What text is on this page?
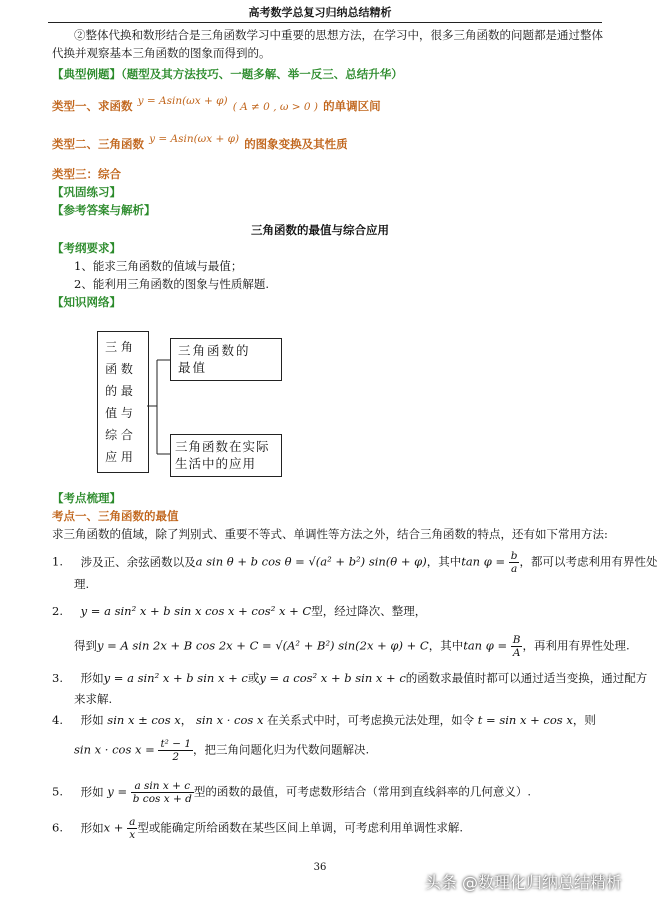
高考数学总复习归纳总结精析
②整体代换和数形结合是三角函数学习中重要的思想方法，在学习中，很多三角函数的问题都是通过整体
代换并观察基本三角函数的图象而得到的。
【典型例题】（题型及其方法技巧、一题多解、举一反三、总结升华）
类型一、求函数 $^{y = Asin(\omega x + \varphi)}$ ( A ≠ 0 , ω > 0 ) 的单调区间
类型二、三角函数 $^{y = Asin(\omega x + \varphi)}$ 的图象变换及其性质
类型三：综合
【巩固练习】
【参考答案与解析】
三角函数的最值与综合应用
【考纲要求】
1、能求三角函数的值域与最值；
2、能利用三角函数的图象与性质解题.
【知识网络】
三 角
函 数
的 最
值 与
综 合
应 用
三角函数的
最值
三角函数在实际
生活中的应用
【考点梳理】
考点一、三角函数的最值
求三角函数的值域，除了判别式、重要不等式、单调性等方法之外，结合三角函数的特点，还有如下常用方法:
1. 涉及正、余弦函数以及a sin θ + b cos θ = √(a² + b²) sin(θ + φ)，其中$\tan \varphi = \frac{b}{a}$ ，都可以考虑利用有界性处
理.
2. y = a sin² x + b sin x cos x + cos² x + C型，经过降次、整理，
得到y = A sin 2x + B cos 2x + C = √(A² + B²) sin(2x + φ) + C，其中$\tan \varphi = \frac{B}{A}$ ，再利用有界性处理.
3. 形如y = a sin² x + b sin x + c或y = a cos² x + b sin x + c的函数求最值时都可以通过适当变换，通过配方
来求解.
4. 形如 sin x ± cos x， sin x · cos x 在关系式中时，可考虑换元法处理，如令 t = sin x + cos x，则
$\sin x \cdot \cos x = \frac{\text{t² − 1}}{2}$ ，把三角问题化归为代数问题解决.
5. 形如 $y = \frac{\text{a sin x + c}}{\text{b cos x + d}}$ 型的函数的最值，可考虑数形结合（常用到直线斜率的几何意义）.
6. 形如$x + \frac{a}{x}$ 型或能确定所给函数在某些区间上单调，可考虑利用单调性求解.
36
头条 @数理化归纳总结精析
